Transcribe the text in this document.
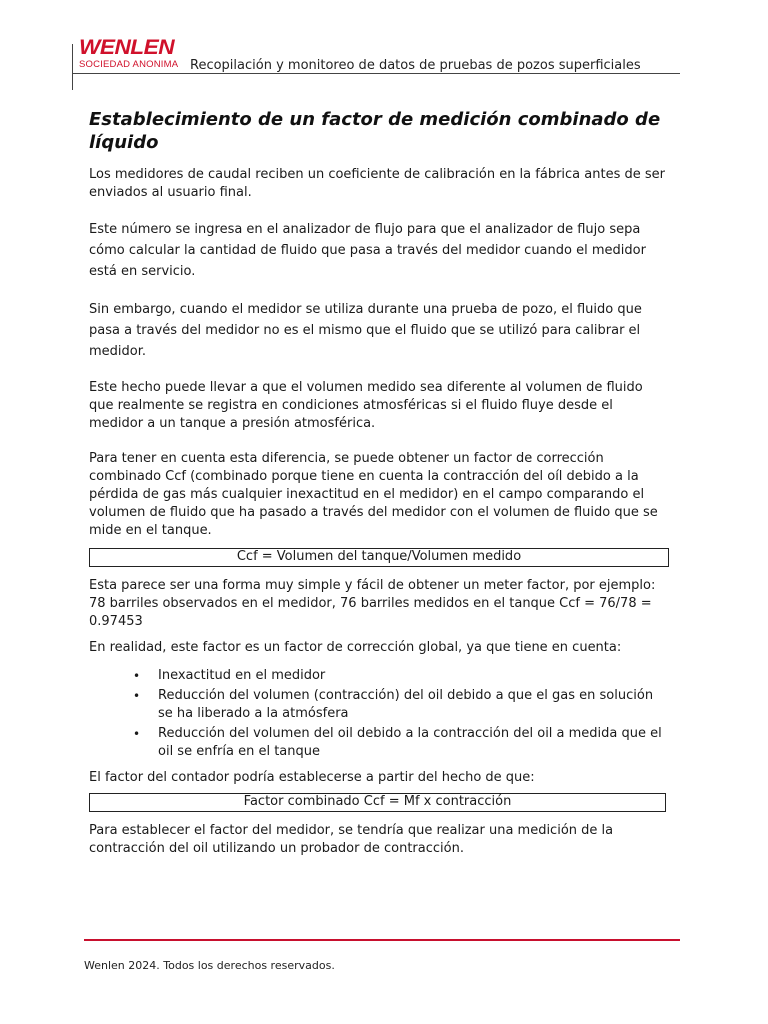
WENLEN
SOCIEDAD ANONIMA Recopilación y monitoreo de datos de pruebas de pozos superficiales
Establecimiento de un factor de medición combinado de líquido

Los medidores de caudal reciben un coeficiente de calibración en la fábrica antes de ser enviados al usuario final.

Este número se ingresa en el analizador de flujo para que el analizador de flujo sepa cómo calcular la cantidad de fluido que pasa a través del medidor cuando el medidor está en servicio.

Sin embargo, cuando el medidor se utiliza durante una prueba de pozo, el fluido que pasa a través del medidor no es el mismo que el fluido que se utilizó para calibrar el medidor.

Este hecho puede llevar a que el volumen medido sea diferente al volumen de fluido que realmente se registra en condiciones atmosféricas si el fluido fluye desde el medidor a un tanque a presión atmosférica.

Para tener en cuenta esta diferencia, se puede obtener un factor de corrección combinado Ccf (combinado porque tiene en cuenta la contracción del oíl debido a la pérdida de gas más cualquier inexactitud en el medidor) en el campo comparando el volumen de fluido que ha pasado a través del medidor con el volumen de fluido que se mide en el tanque.

Ccf = Volumen del tanque/Volumen medido

Esta parece ser una forma muy simple y fácil de obtener un meter factor, por ejemplo: 78 barriles observados en el medidor, 76 barriles medidos en el tanque Ccf = 76/78 = 0.97453

En realidad, este factor es un factor de corrección global, ya que tiene en cuenta:

• Inexactitud en el medidor
• Reducción del volumen (contracción) del oil debido a que el gas en solución se ha liberado a la atmósfera
• Reducción del volumen del oil debido a la contracción del oil a medida que el oil se enfría en el tanque

El factor del contador podría establecerse a partir del hecho de que:

Factor combinado Ccf = Mf x contracción

Para establecer el factor del medidor, se tendría que realizar una medición de la contracción del oil utilizando un probador de contracción.

Wenlen 2024. Todos los derechos reservados.
